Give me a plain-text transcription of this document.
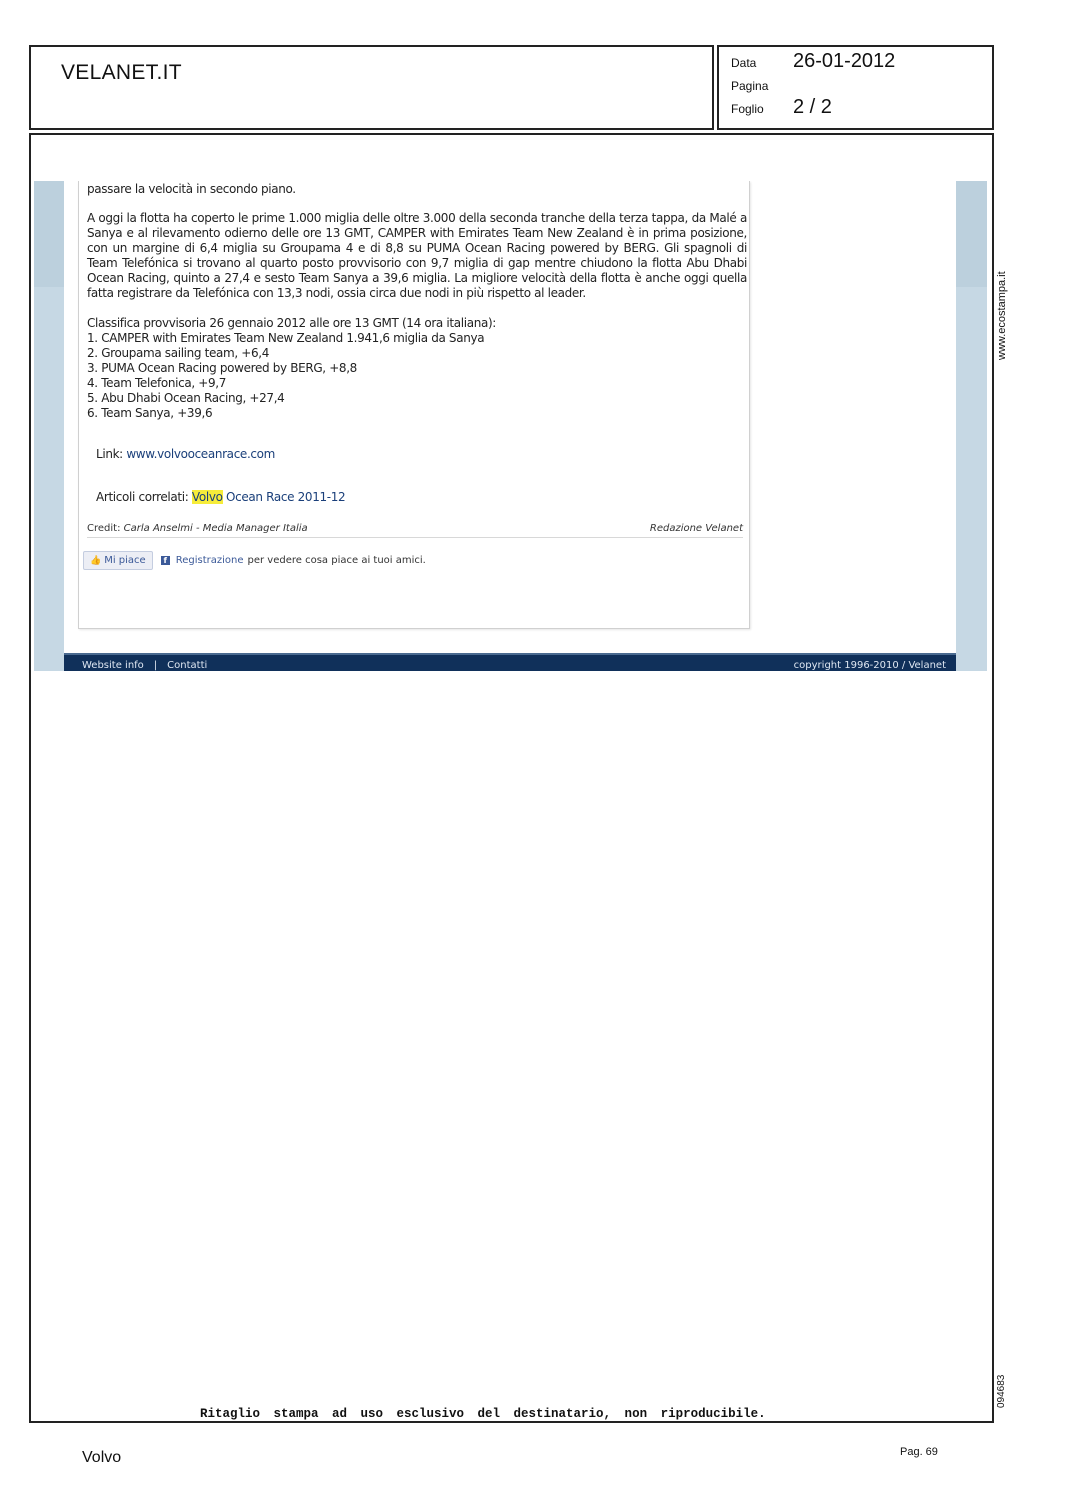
VELANET.IT	Data 26-01-2012
Pagina
Foglio 2 / 2
www.ecostampa.it
094683
passare la velocità in secondo piano.
A oggi la flotta ha coperto le prime 1.000 miglia delle oltre 3.000 della seconda tranche della terza tappa, da Malé a Sanya e al rilevamento odierno delle ore 13 GMT, CAMPER with Emirates Team New Zealand è in prima posizione, con un margine di 6,4 miglia su Groupama 4 e di 8,8 su PUMA Ocean Racing powered by BERG. Gli spagnoli di Team Telefónica si trovano al quarto posto provvisorio con 9,7 miglia di gap mentre chiudono la flotta Abu Dhabi Ocean Racing, quinto a 27,4 e sesto Team Sanya a 39,6 miglia. La migliore velocità della flotta è anche oggi quella fatta registrare da Telefónica con 13,3 nodi, ossia circa due nodi in più rispetto al leader.
Classifica provvisoria 26 gennaio 2012 alle ore 13 GMT (14 ora italiana):
1. CAMPER with Emirates Team New Zealand 1.941,6 miglia da Sanya
2. Groupama sailing team, +6,4
3. PUMA Ocean Racing powered by BERG, +8,8
4. Team Telefonica, +9,7
5. Abu Dhabi Ocean Racing, +27,4
6. Team Sanya, +39,6
Link: www.volvooceanrace.com
Articoli correlati: Volvo Ocean Race 2011-12
Credit: Carla Anselmi - Media Manager Italia	Redazione Velanet
👍 Mi piace	f Registrazione per vedere cosa piace ai tuoi amici.
Website info | Contatti	copyright 1996-2010 / Velanet
Ritaglio stampa ad uso esclusivo del destinatario, non riproducibile.
Volvo	Pag. 69
